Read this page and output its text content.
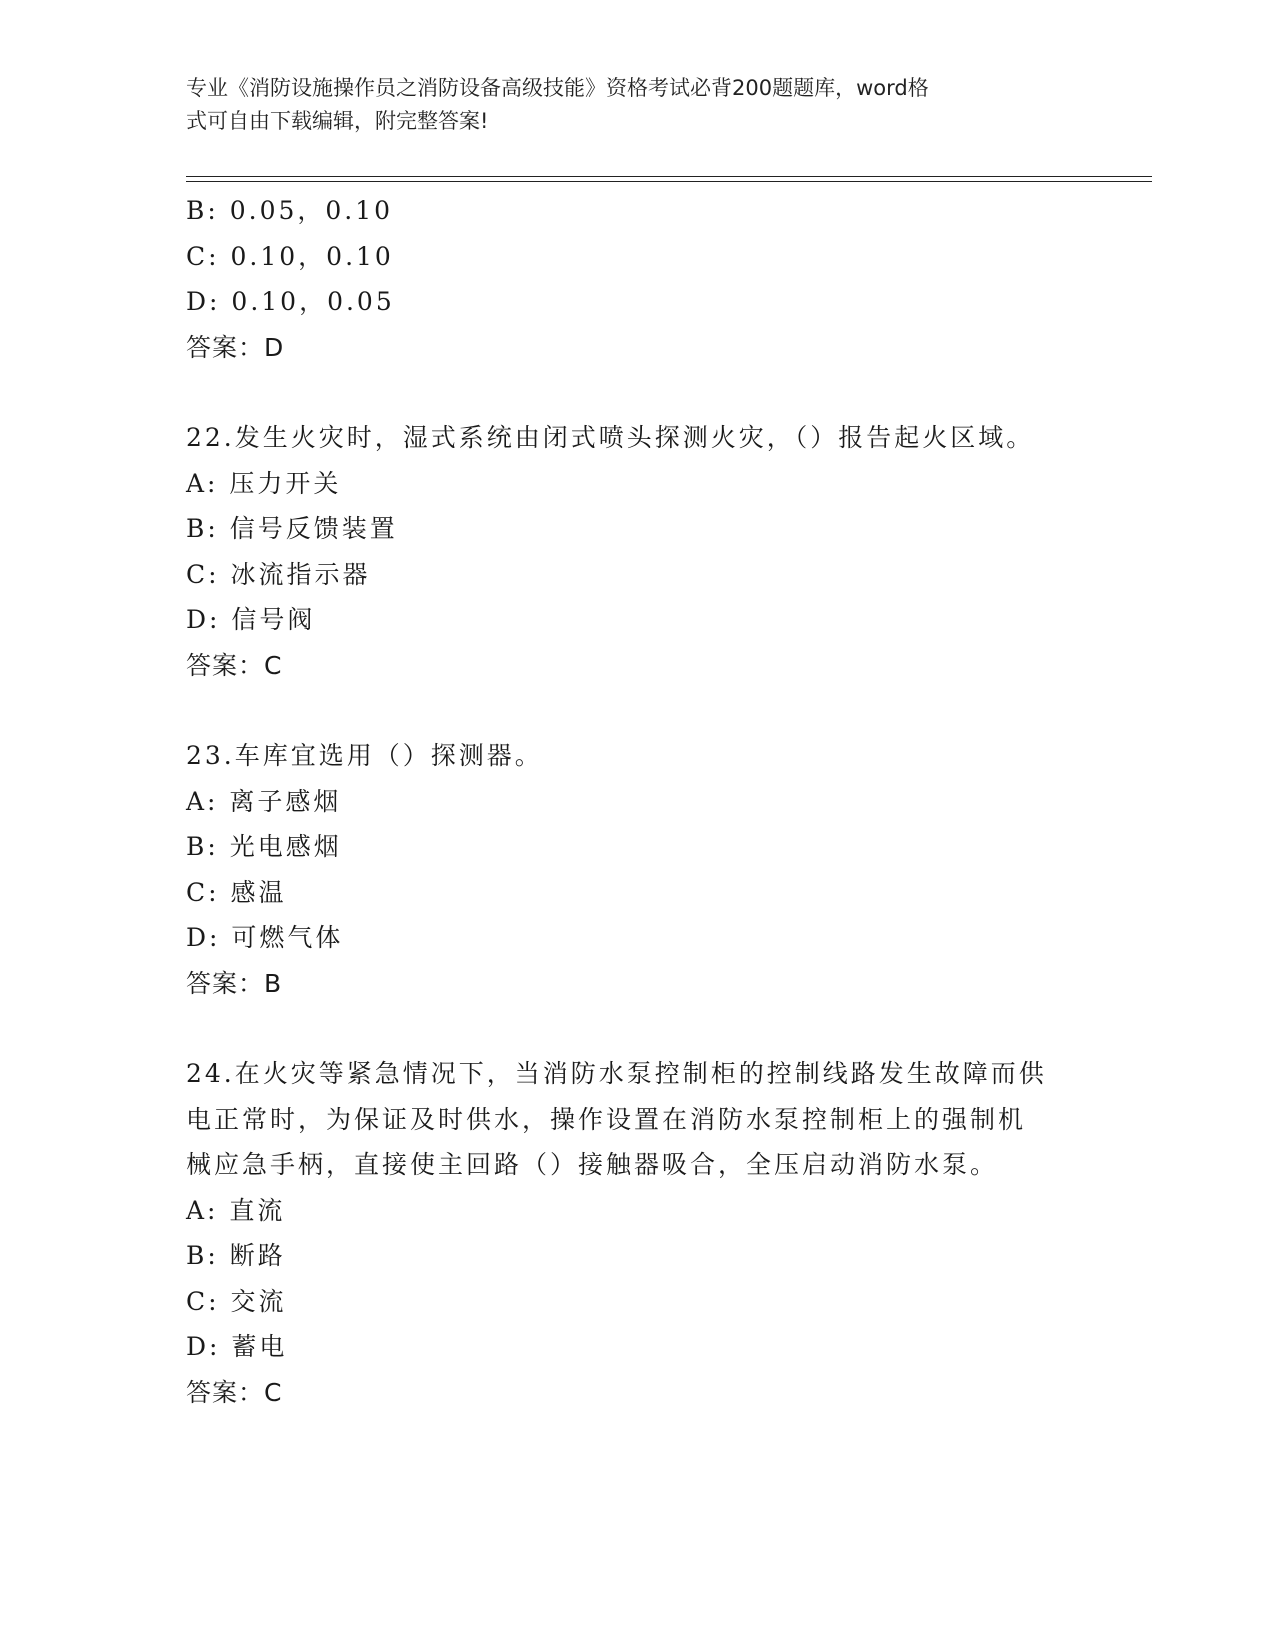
专业《消防设施操作员之消防设备高级技能》资格考试必背200题题库，word格
式可自由下载编辑，附完整答案!
B: 0.05，0.10
C: 0.10，0.10
D: 0.10，0.05
答案：D
22.发生火灾时，湿式系统由闭式喷头探测火灾，（）报告起火区域。
A: 压力开关
B: 信号反馈装置
C: 冰流指示器
D: 信号阀
答案：C
23.车库宜选用（）探测器。
A: 离子感烟
B: 光电感烟
C: 感温
D: 可燃气体
答案：B
24.在火灾等紧急情况下，当消防水泵控制柜的控制线路发生故障而供
电正常时，为保证及时供水，操作设置在消防水泵控制柜上的强制机
械应急手柄，直接使主回路（）接触器吸合，全压启动消防水泵。
A: 直流
B: 断路
C: 交流
D: 蓄电
答案：C
